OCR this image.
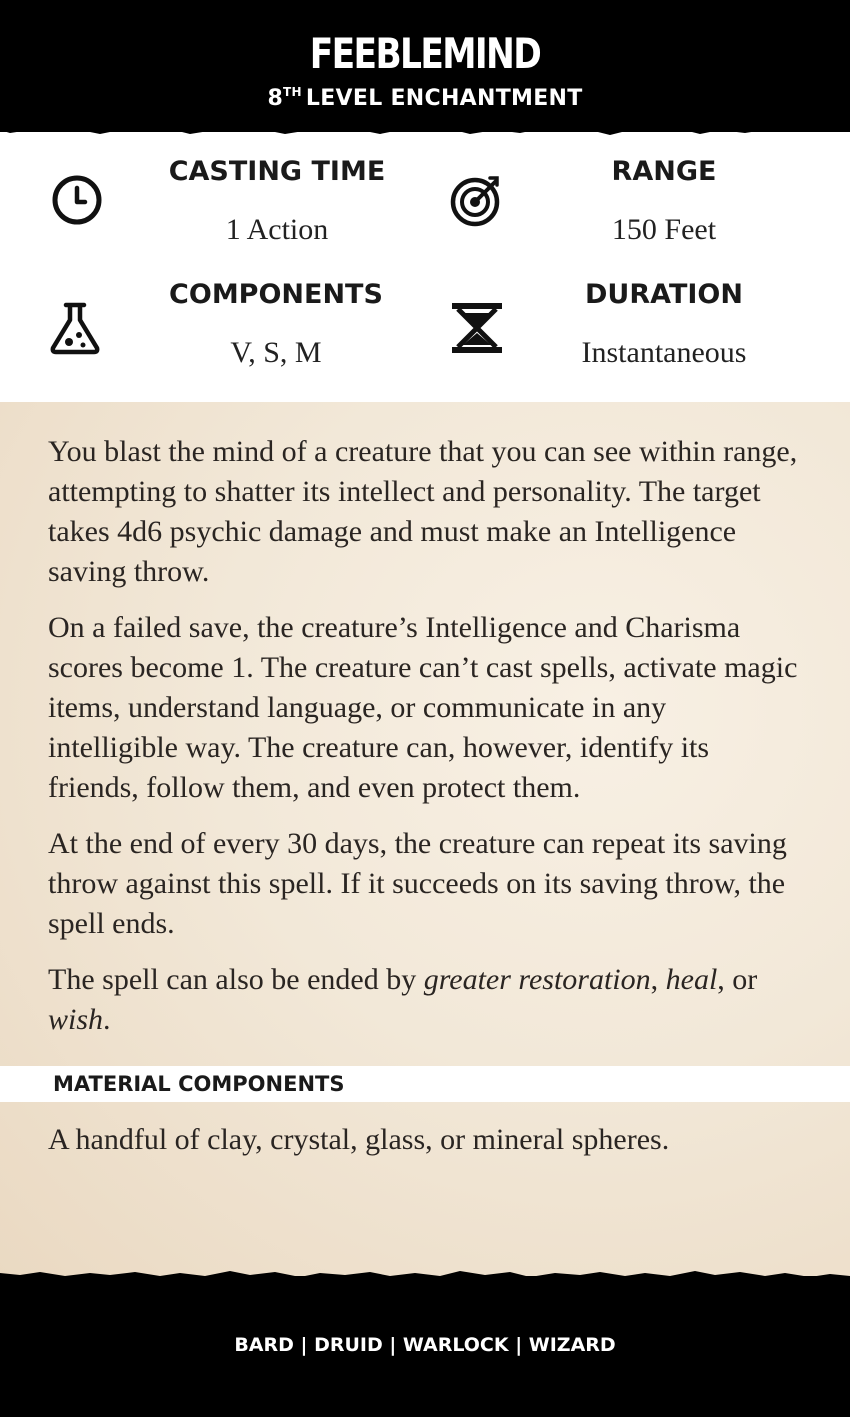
FEEBLEMIND
8TH LEVEL ENCHANTMENT
CASTING TIME
1 Action
RANGE
150 Feet
COMPONENTS
V, S, M
DURATION
Instantaneous

You blast the mind of a creature that you can see within range, attempting to shatter its intellect and personality. The target takes 4d6 psychic damage and must make an Intelligence saving throw.

On a failed save, the creature’s Intelligence and Charisma scores become 1. The creature can’t cast spells, activate magic items, understand language, or communicate in any intelligible way. The creature can, however, identify its friends, follow them, and even protect them.

At the end of every 30 days, the creature can repeat its saving throw against this spell. If it succeeds on its saving throw, the spell ends.

The spell can also be ended by greater restoration, heal, or wish.

MATERIAL COMPONENTS
A handful of clay, crystal, glass, or mineral spheres.
BARD | DRUID | WARLOCK | WIZARD
